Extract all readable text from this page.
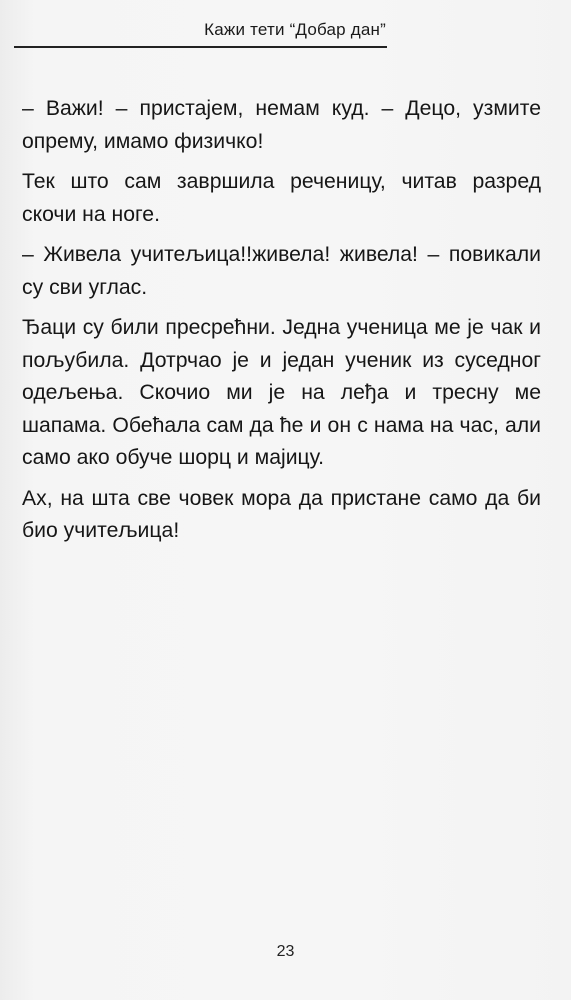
Кажи тети “Добар дан”

– Важи! – пристајем, немам куд. – Децо, узмите опрему, имамо физичко!

Тек што сам завршила реченицу, читав разред скочи на ноге.

– Живела учитељица!!живела! живела! – повикали су сви углас.

Ђаци су били пресрећни. Једна ученица ме је чак и пољубила. Дотрчао је и један ученик из суседног одељења. Скочио ми је на леђа и тресну ме шапама. Обећала сам да ће и он с нама на час, али само ако обуче шорц и мајицу.

Ах, на шта све човек мора да пристане само да би био учитељица!

23
